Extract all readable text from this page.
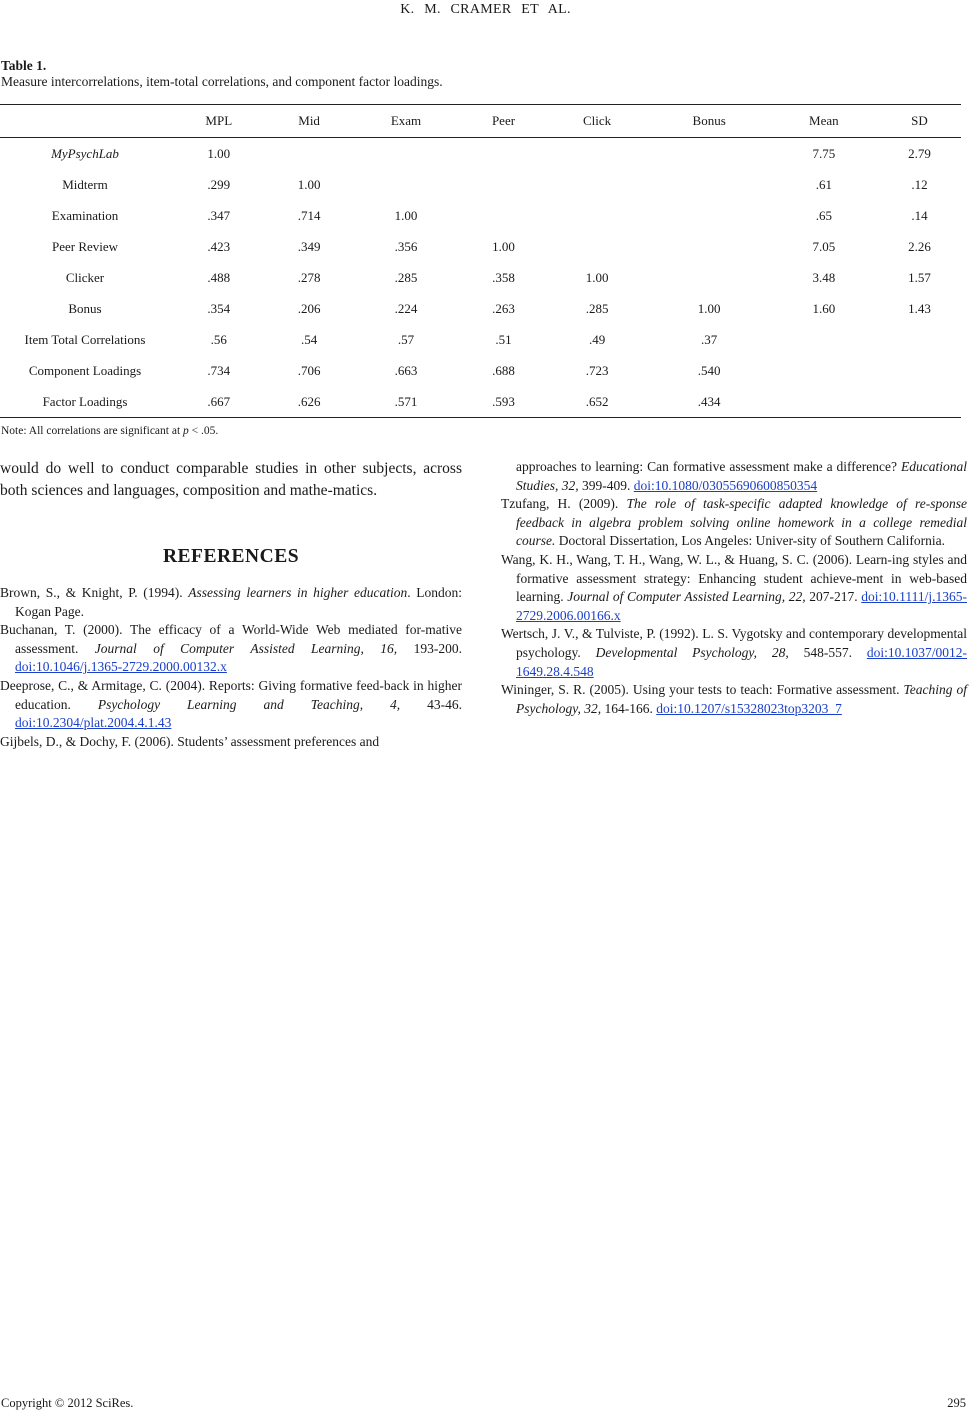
K. M. CRAMER ET AL.
Table 1.
Measure intercorrelations, item-total correlations, and component factor loadings.
	MPL	Mid	Exam	Peer	Click	Bonus	Mean	SD
MyPsychLab	1.00						7.75	2.79
Midterm	.299	1.00					.61	.12
Examination	.347	.714	1.00				.65	.14
Peer Review	.423	.349	.356	1.00			7.05	2.26
Clicker	.488	.278	.285	.358	1.00		3.48	1.57
Bonus	.354	.206	.224	.263	.285	1.00	1.60	1.43
Item Total Correlations	.56	.54	.57	.51	.49	.37		
Component Loadings	.734	.706	.663	.688	.723	.540		
Factor Loadings	.667	.626	.571	.593	.652	.434		
Note: All correlations are significant at p < .05.

would do well to conduct comparable studies in other subjects, across both sciences and languages, composition and mathe-matics.

REFERENCES

Brown, S., & Knight, P. (1994). Assessing learners in higher education. London: Kogan Page.

Buchanan, T. (2000). The efficacy of a World-Wide Web mediated for-mative assessment. Journal of Computer Assisted Learning, 16, 193-200. doi:10.1046/j.1365-2729.2000.00132.x

Deeprose, C., & Armitage, C. (2004). Reports: Giving formative feed-back in higher education. Psychology Learning and Teaching, 4, 43-46. doi:10.2304/plat.2004.4.1.43

Gijbels, D., & Dochy, F. (2006). Students’ assessment preferences and

approaches to learning: Can formative assessment make a difference? Educational Studies, 32, 399-409. doi:10.1080/03055690600850354

Tzufang, H. (2009). The role of task-specific adapted knowledge of re-sponse feedback in algebra problem solving online homework in a college remedial course. Doctoral Dissertation, Los Angeles: Univer-sity of Southern California.

Wang, K. H., Wang, T. H., Wang, W. L., & Huang, S. C. (2006). Learn-ing styles and formative assessment strategy: Enhancing student achieve-ment in web-based learning. Journal of Computer Assisted Learning, 22, 207-217. doi:10.1111/j.1365-2729.2006.00166.x

Wertsch, J. V., & Tulviste, P. (1992). L. S. Vygotsky and contemporary developmental psychology. Developmental Psychology, 28, 548-557. doi:10.1037/0012-1649.28.4.548

Wininger, S. R. (2005). Using your tests to teach: Formative assessment. Teaching of Psychology, 32, 164-166. doi:10.1207/s15328023top3203_7

Copyright © 2012 SciRes.	295
